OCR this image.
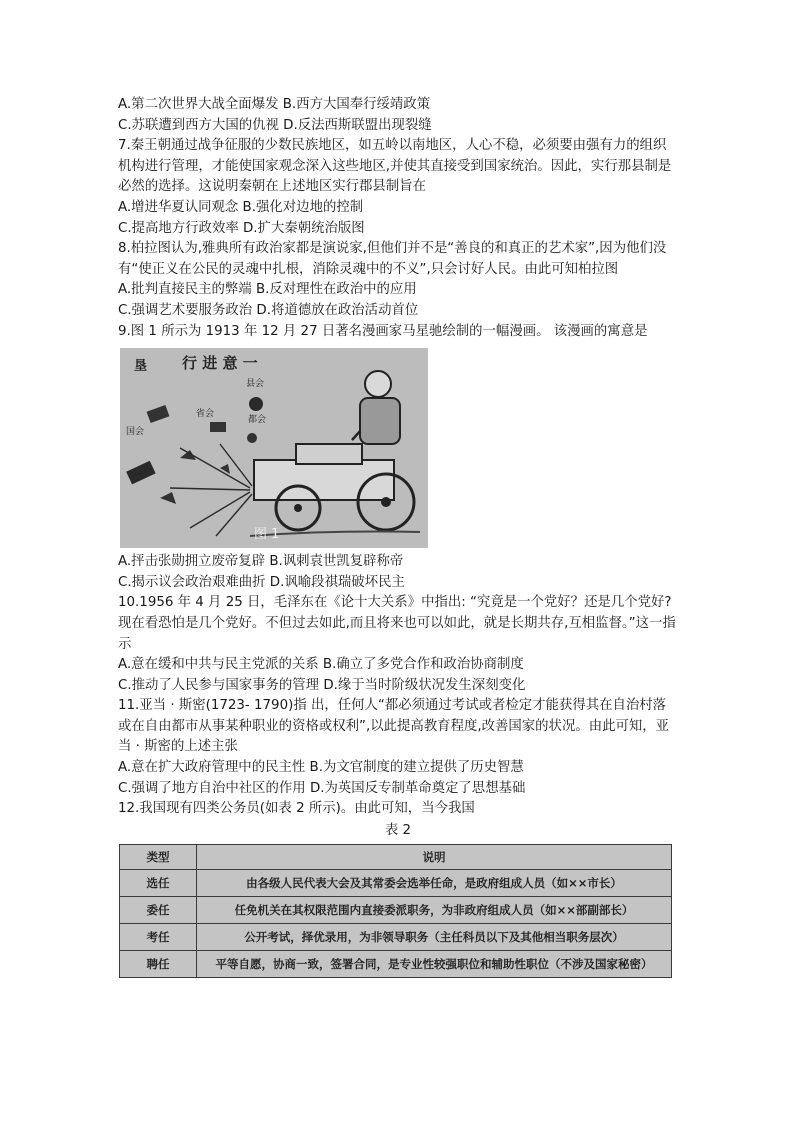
A.第二次世界大战全面爆发 B.西方大国奉行绥靖政策
C.苏联遭到西方大国的仇视 D.反法西斯联盟出现裂缝
7.秦王朝通过战争征服的少数民族地区，如五岭以南地区，人心不稳，必须要由强有力的组织机构进行管理，才能使国家观念深入这些地区,并使其直接受到国家统治。因此，实行那县制是必然的选择。这说明秦朝在上述地区实行郡县制旨在
A.增进华夏认同观念 B.强化对边地的控制
C.提高地方行政效率 D.扩大秦朝统治版图
8.柏拉图认为,雅典所有政治家都是演说家,但他们并不是“善良的和真正的艺术家”,因为他们没有“使正义在公民的灵魂中扎根，消除灵魂中的不义”,只会讨好人民。由此可知柏拉图
A.批判直接民主的弊端 B.反对理性在政治中的应用
C.强调艺术要服务政治 D.将道德放在政治活动首位
9.图 1 所示为 1913 年 12 月 27 日著名漫画家马星驰绘制的一幅漫画。 该漫画的寓意是
垦 行 进 意 一
国会
省会
县会
都会
图 1
A.抨击张勋拥立废帝复辟 B.讽刺袁世凯复辟称帝
C.揭示议会政治艰难曲折 D.讽喻段祺瑞破坏民主
10.1956 年 4 月 25 日，毛泽东在《论十大关系》中指出: “究竟是一个党好？还是几个党好?现在看恐怕是几个党好。不但过去如此,而且将来也可以如此，就是长期共存,互相监督。”这一指示
A.意在缓和中共与民主党派的关系 B.确立了多党合作和政治协商制度
C.推动了人民参与国家事务的管理 D.缘于当时阶级状况发生深刻变化
11.亚当 · 斯密(1723- 1790)指 出，任何人“都必须通过考试或者检定才能获得其在自治村落或在自由都市从事某种职业的资格或权利”,以此提高教育程度,改善国家的状况。由此可知，亚当 · 斯密的上述主张
A.意在扩大政府管理中的民主性 B.为文官制度的建立提供了历史智慧
C.强调了地方自治中社区的作用 D.为英国反专制革命奠定了思想基础
12.我国现有四类公务员(如表 2 所示)。由此可知，当今我国
表 2
类型	说明
选任	由各级人民代表大会及其常委会选举任命，是政府组成人员（如××市长）
委任	任免机关在其权限范围内直接委派职务，为非政府组成人员（如××部副部长）
考任	公开考试，择优录用，为非领导职务（主任科员以下及其他相当职务层次）
聘任	平等自愿，协商一致，签署合同，是专业性较强职位和辅助性职位（不涉及国家秘密）
